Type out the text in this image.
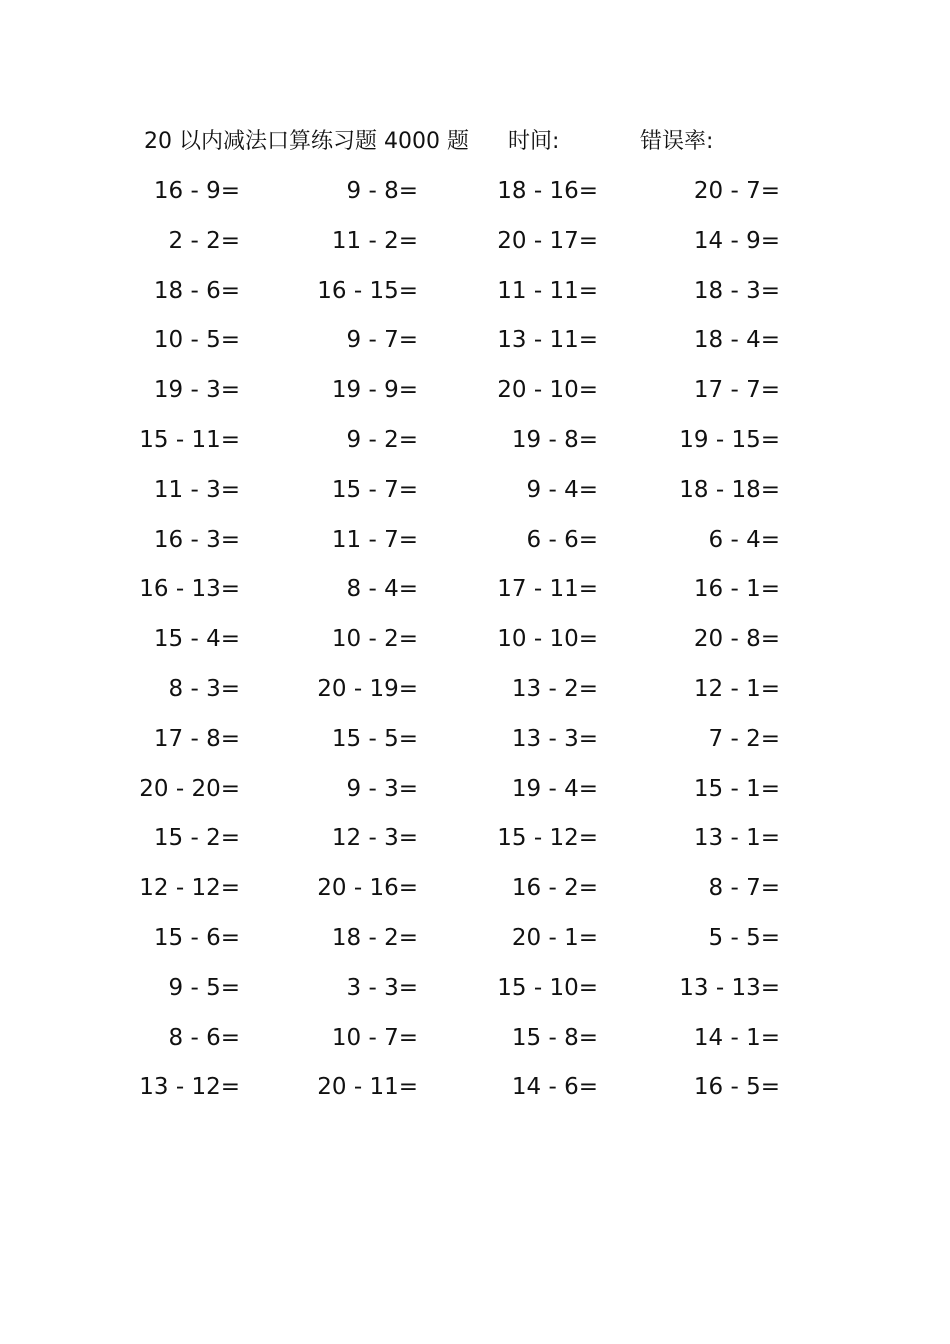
20 以内减法口算练习题 4000 题 时间:	错误率:
16 - 9=	9 - 8=	18 - 16=	20 - 7=
2 - 2=	11 - 2=	20 - 17=	14 - 9=
18 - 6=	16 - 15=	11 - 11=	18 - 3=
10 - 5=	9 - 7=	13 - 11=	18 - 4=
19 - 3=	19 - 9=	20 - 10=	17 - 7=
15 - 11=	9 - 2=	19 - 8=	19 - 15=
11 - 3=	15 - 7=	9 - 4=	18 - 18=
16 - 3=	11 - 7=	6 - 6=	6 - 4=
16 - 13=	8 - 4=	17 - 11=	16 - 1=
15 - 4=	10 - 2=	10 - 10=	20 - 8=
8 - 3=	20 - 19=	13 - 2=	12 - 1=
17 - 8=	15 - 5=	13 - 3=	7 - 2=
20 - 20=	9 - 3=	19 - 4=	15 - 1=
15 - 2=	12 - 3=	15 - 12=	13 - 1=
12 - 12=	20 - 16=	16 - 2=	8 - 7=
15 - 6=	18 - 2=	20 - 1=	5 - 5=
9 - 5=	3 - 3=	15 - 10=	13 - 13=
8 - 6=	10 - 7=	15 - 8=	14 - 1=
13 - 12=	20 - 11=	14 - 6=	16 - 5=
